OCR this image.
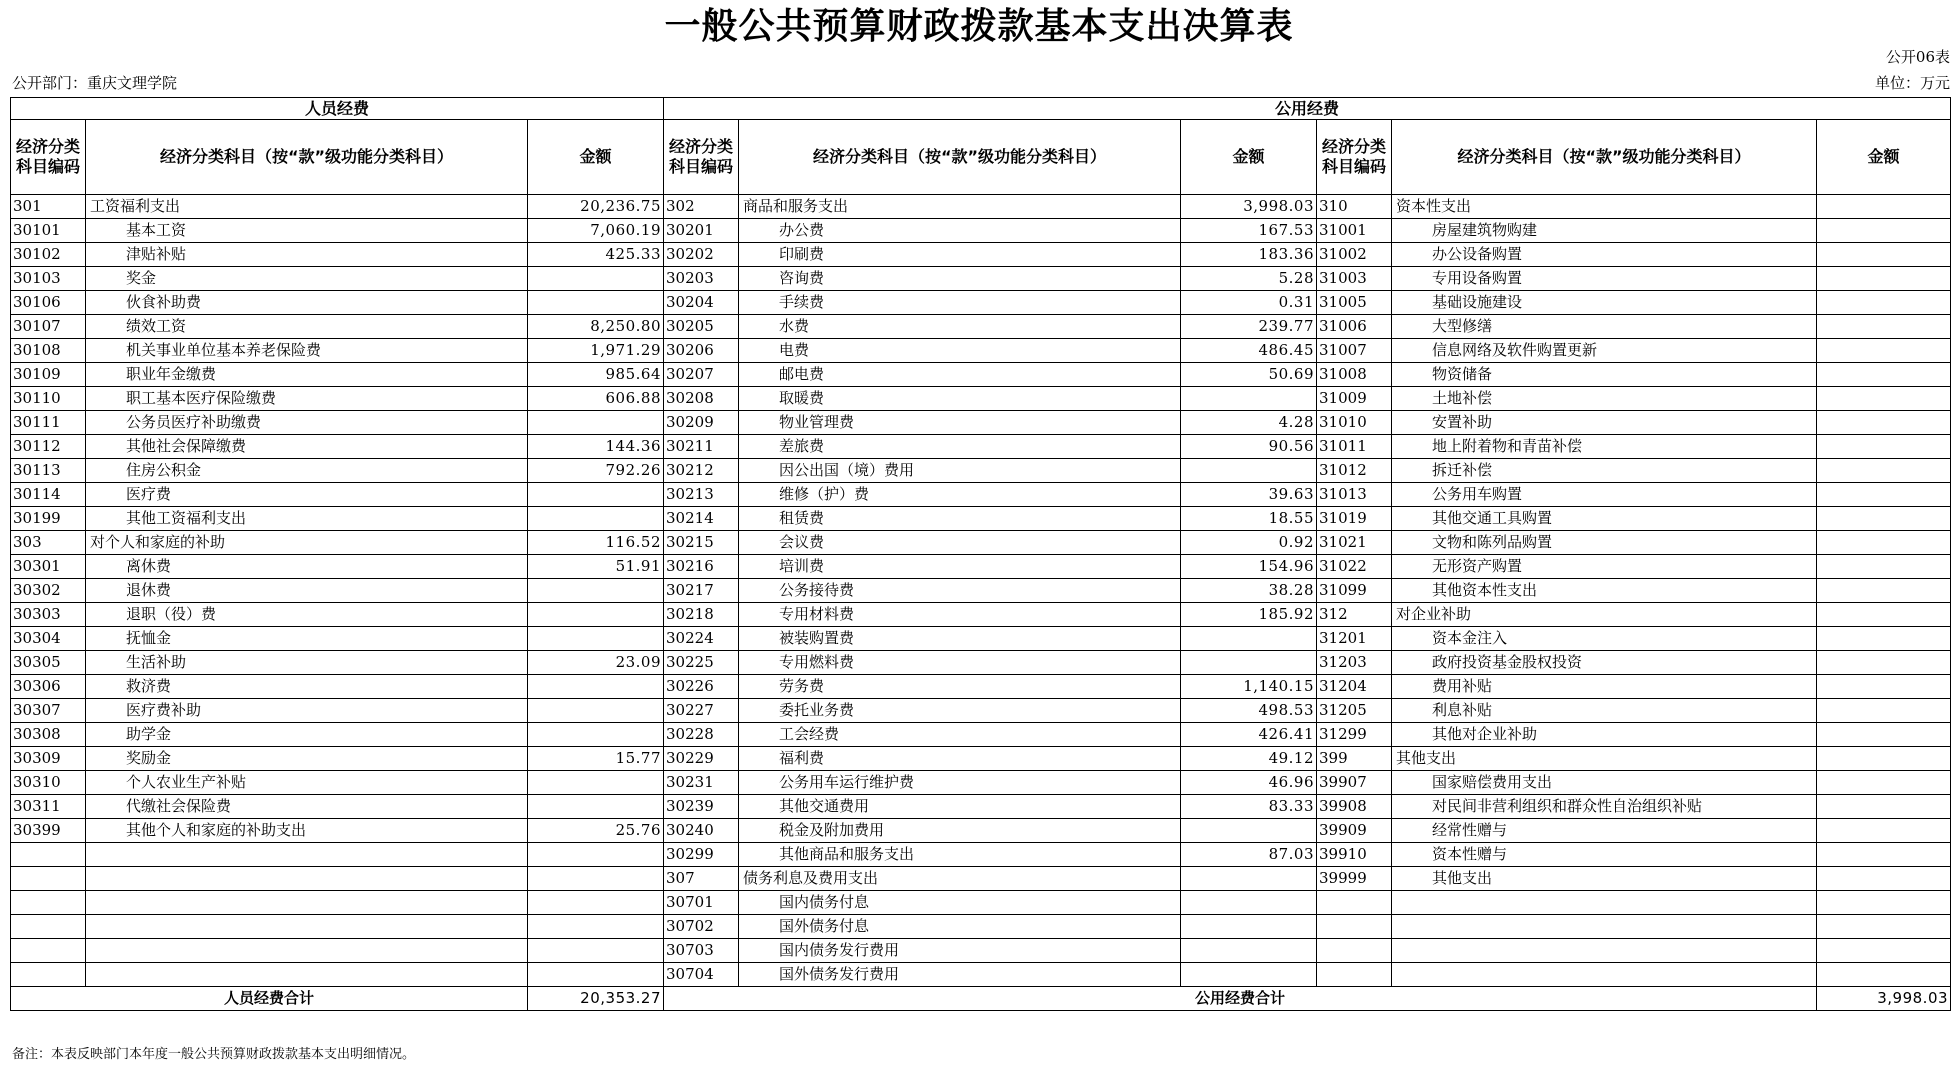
一般公共预算财政拨款基本支出决算表
公开06表
公开部门：重庆文理学院	单位：万元
人员经费			公用经费					
经济分类科目编码	经济分类科目（按“款”级功能分类科目）	金额	经济分类科目编码	经济分类科目（按“款”级功能分类科目）	金额	经济分类科目编码	经济分类科目（按“款”级功能分类科目）	金额
301	工资福利支出	20,236.75	302	商品和服务支出	3,998.03	310	资本性支出	
30101	基本工资	7,060.19	30201	办公费	167.53	31001	房屋建筑物购建	
30102	津贴补贴	425.33	30202	印刷费	183.36	31002	办公设备购置	
30103	奖金		30203	咨询费	5.28	31003	专用设备购置	
30106	伙食补助费		30204	手续费	0.31	31005	基础设施建设	
30107	绩效工资	8,250.80	30205	水费	239.77	31006	大型修缮	
30108	机关事业单位基本养老保险费	1,971.29	30206	电费	486.45	31007	信息网络及软件购置更新	
30109	职业年金缴费	985.64	30207	邮电费	50.69	31008	物资储备	
30110	职工基本医疗保险缴费	606.88	30208	取暖费		31009	土地补偿	
30111	公务员医疗补助缴费		30209	物业管理费	4.28	31010	安置补助	
30112	其他社会保障缴费	144.36	30211	差旅费	90.56	31011	地上附着物和青苗补偿	
30113	住房公积金	792.26	30212	因公出国（境）费用		31012	拆迁补偿	
30114	医疗费		30213	维修（护）费	39.63	31013	公务用车购置	
30199	其他工资福利支出		30214	租赁费	18.55	31019	其他交通工具购置	
303	对个人和家庭的补助	116.52	30215	会议费	0.92	31021	文物和陈列品购置	
30301	离休费	51.91	30216	培训费	154.96	31022	无形资产购置	
30302	退休费		30217	公务接待费	38.28	31099	其他资本性支出	
30303	退职（役）费		30218	专用材料费	185.92	312	对企业补助	
30304	抚恤金		30224	被装购置费		31201	资本金注入	
30305	生活补助	23.09	30225	专用燃料费		31203	政府投资基金股权投资	
30306	救济费		30226	劳务费	1,140.15	31204	费用补贴	
30307	医疗费补助		30227	委托业务费	498.53	31205	利息补贴	
30308	助学金		30228	工会经费	426.41	31299	其他对企业补助	
30309	奖励金	15.77	30229	福利费	49.12	399	其他支出	
30310	个人农业生产补贴		30231	公务用车运行维护费	46.96	39907	国家赔偿费用支出	
30311	代缴社会保险费		30239	其他交通费用	83.33	39908	对民间非营利组织和群众性自治组织补贴	
30399	其他个人和家庭的补助支出	25.76	30240	税金及附加费用		39909	经常性赠与	
			30299	其他商品和服务支出	87.03	39910	资本性赠与	
			307	债务利息及费用支出		39999	其他支出	
			30701	国内债务付息				
			30702	国外债务付息				
			30703	国内债务发行费用				
			30704	国外债务发行费用				
人员经费合计		20,353.27	公用经费合计					3,998.03
备注：本表反映部门本年度一般公共预算财政拨款基本支出明细情况。
